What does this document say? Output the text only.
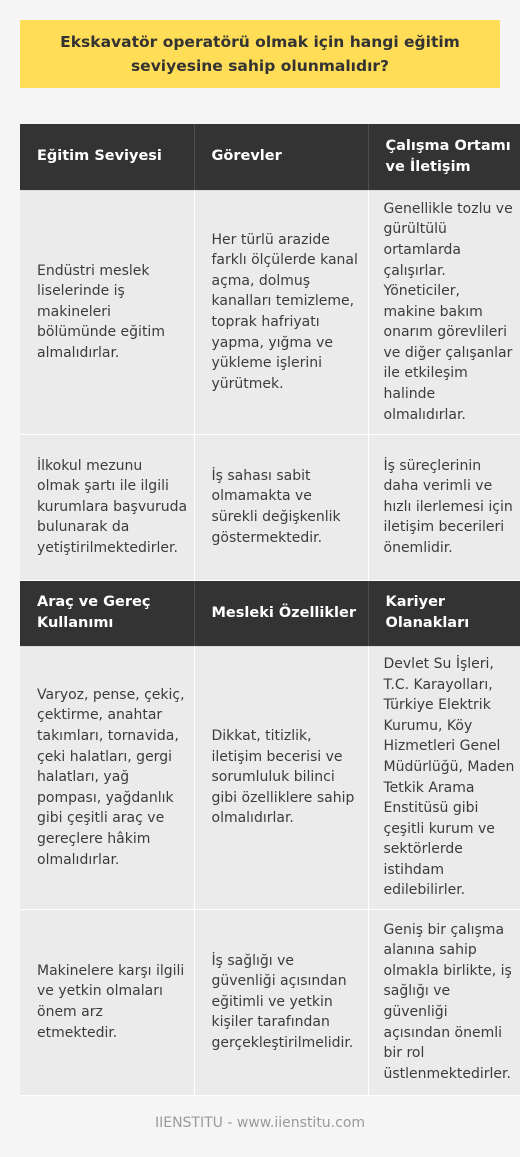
Ekskavatör operatörü olmak için hangi eğitim seviyesine sahip olunmalıdır?
Eğitim Seviyesi	Görevler	Çalışma Ortamı ve İletişim
Endüstri meslek liselerinde iş makineleri bölümünde eğitim almalıdırlar.	Her türlü arazide farklı ölçülerde kanal açma, dolmuş kanalları temizleme, toprak hafriyatı yapma, yığma ve yükleme işlerini yürütmek.	Genellikle tozlu ve gürültülü ortamlarda çalışırlar. Yöneticiler, makine bakım onarım görevlileri ve diğer çalışanlar ile etkileşim halinde olmalıdırlar.
İlkokul mezunu olmak şartı ile ilgili kurumlara başvuruda bulunarak da yetiştirilmektedirler.	İş sahası sabit olmamakta ve sürekli değişkenlik göstermektedir.	İş süreçlerinin daha verimli ve hızlı ilerlemesi için iletişim becerileri önemlidir.
Araç ve Gereç Kullanımı	Mesleki Özellikler	Kariyer Olanakları
Varyoz, pense, çekiç, çektirme, anahtar takımları, tornavida, çeki halatları, gergi halatları, yağ pompası, yağdanlık gibi çeşitli araç ve gereçlere hâkim olmalıdırlar.	Dikkat, titizlik, iletişim becerisi ve sorumluluk bilinci gibi özelliklere sahip olmalıdırlar.	Devlet Su İşleri, T.C. Karayolları, Türkiye Elektrik Kurumu, Köy Hizmetleri Genel Müdürlüğü, Maden Tetkik Arama Enstitüsü gibi çeşitli kurum ve sektörlerde istihdam edilebilirler.
Makinelere karşı ilgili ve yetkin olmaları önem arz etmektedir.	İş sağlığı ve güvenliği açısından eğitimli ve yetkin kişiler tarafından gerçekleştirilmelidir.	Geniş bir çalışma alanına sahip olmakla birlikte, iş sağlığı ve güvenliği açısından önemli bir rol üstlenmektedirler.
IIENSTITU - www.iienstitu.com
